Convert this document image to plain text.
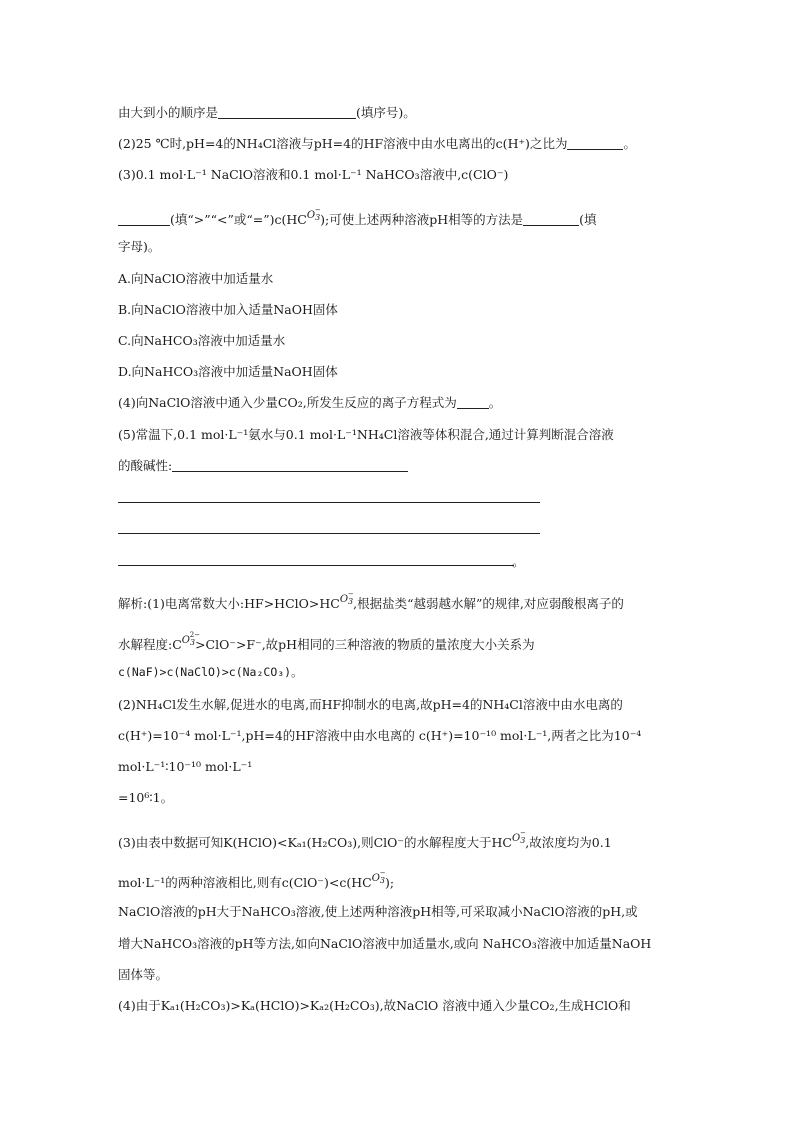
由大到小的顺序是	(填序号)。
(2)25 ℃时,pH=4的NH₄Cl溶液与pH=4的HF溶液中由水电离出的c(H⁺)之比为	。
(3)0.1 mol·L⁻¹ NaClO溶液和0.1 mol·L⁻¹ NaHCO₃溶液中,c(ClO⁻)
(填“>”“<”或“=”)c(HCO −
$_3$);可使上述两种溶液pH相等的方法是	(填
字母)。
A.向NaClO溶液中加适量水
B.向NaClO溶液中加入适量NaOH固体
C.向NaHCO₃溶液中加适量水
D.向NaHCO₃溶液中加适量NaOH固体
(4)向NaClO溶液中通入少量CO₂,所发生反应的离子方程式为	。
(5)常温下,0.1 mol·L⁻¹氨水与0.1 mol·L⁻¹NH₄Cl溶液等体积混合,通过计算判断混合溶液
的酸碱性:
。
解析:(1)电离常数大小:HF>HClO>HCO −
$_3$,根据盐类“越弱越水解”的规律,对应弱酸根离子的
水解程度:CO 2−
$_3$>ClO⁻>F⁻,故pH相同的三种溶液的物质的量浓度大小关系为
c(NaF)>c(NaClO)>c(Na₂CO₃)。
(2)NH₄Cl发生水解,促进水的电离,而HF抑制水的电离,故pH=4的NH₄Cl溶液中由水电离的
c(H⁺)=10⁻⁴ mol·L⁻¹,pH=4的HF溶液中由水电离的 c(H⁺)=10⁻¹⁰ mol·L⁻¹,两者之比为10⁻⁴
mol·L⁻¹∶10⁻¹⁰ mol·L⁻¹
=10⁶∶1。
(3)由表中数据可知K(HClO)<Kₐ₁(H₂CO₃),则ClO⁻的水解程度大于HCO −
$_3$,故浓度均为0.1
mol·L⁻¹的两种溶液相比,则有c(ClO⁻)<c(HCO −
$_3$);
NaClO溶液的pH大于NaHCO₃溶液,使上述两种溶液pH相等,可采取减小NaClO溶液的pH,或
增大NaHCO₃溶液的pH等方法,如向NaClO溶液中加适量水,或向 NaHCO₃溶液中加适量NaOH
固体等。
(4)由于Kₐ₁(H₂CO₃)>Kₐ(HClO)>Kₐ₂(H₂CO₃),故NaClO 溶液中通入少量CO₂,生成HClO和
